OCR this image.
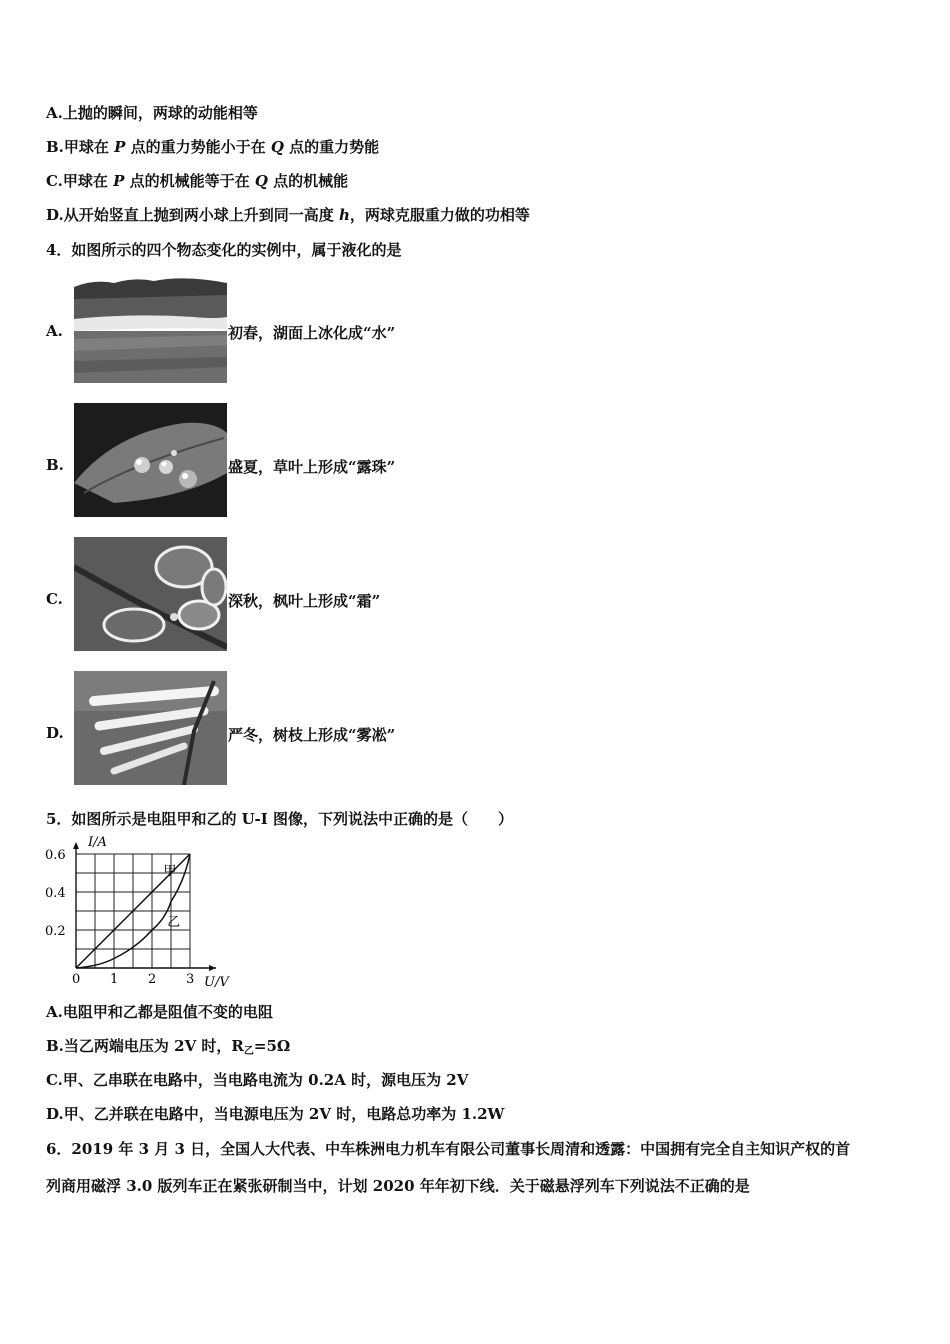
A.上抛的瞬间，两球的动能相等
B.甲球在 P 点的重力势能小于在 Q 点的重力势能
C.甲球在 P 点的机械能等于在 Q 点的机械能
D.从开始竖直上抛到两小球上升到同一高度 h，两球克服重力做的功相等
4．如图所示的四个物态变化的实例中，属于液化的是
A.	初春，湖面上冰化成“水”
B.	盛夏，草叶上形成“露珠”
C.	深秋，枫叶上形成“霜”
D.	严冬，树枝上形成“雾凇”
5．如图所示是电阻甲和乙的 U-I 图像，下列说法中正确的是（　　）
U/V
I/A
0 1 2 3
0.2
0.4
0.6
甲
乙
A.电阻甲和乙都是阻值不变的电阻
B.当乙两端电压为 2V 时，$R_乙=5\Omega$
C.甲、乙串联在电路中，当电路电流为 0.2A 时，源电压为 2V
D.甲、乙并联在电路中，当电源电压为 2V 时，电路总功率为 1.2W
6．2019 年 3 月 3 日，全国人大代表、中车株洲电力机车有限公司董事长周清和透露：中国拥有完全自主知识产权的首
列商用磁浮 3.0 版列车正在紧张研制当中，计划 2020 年年初下线．关于磁悬浮列车下列说法不正确的是
